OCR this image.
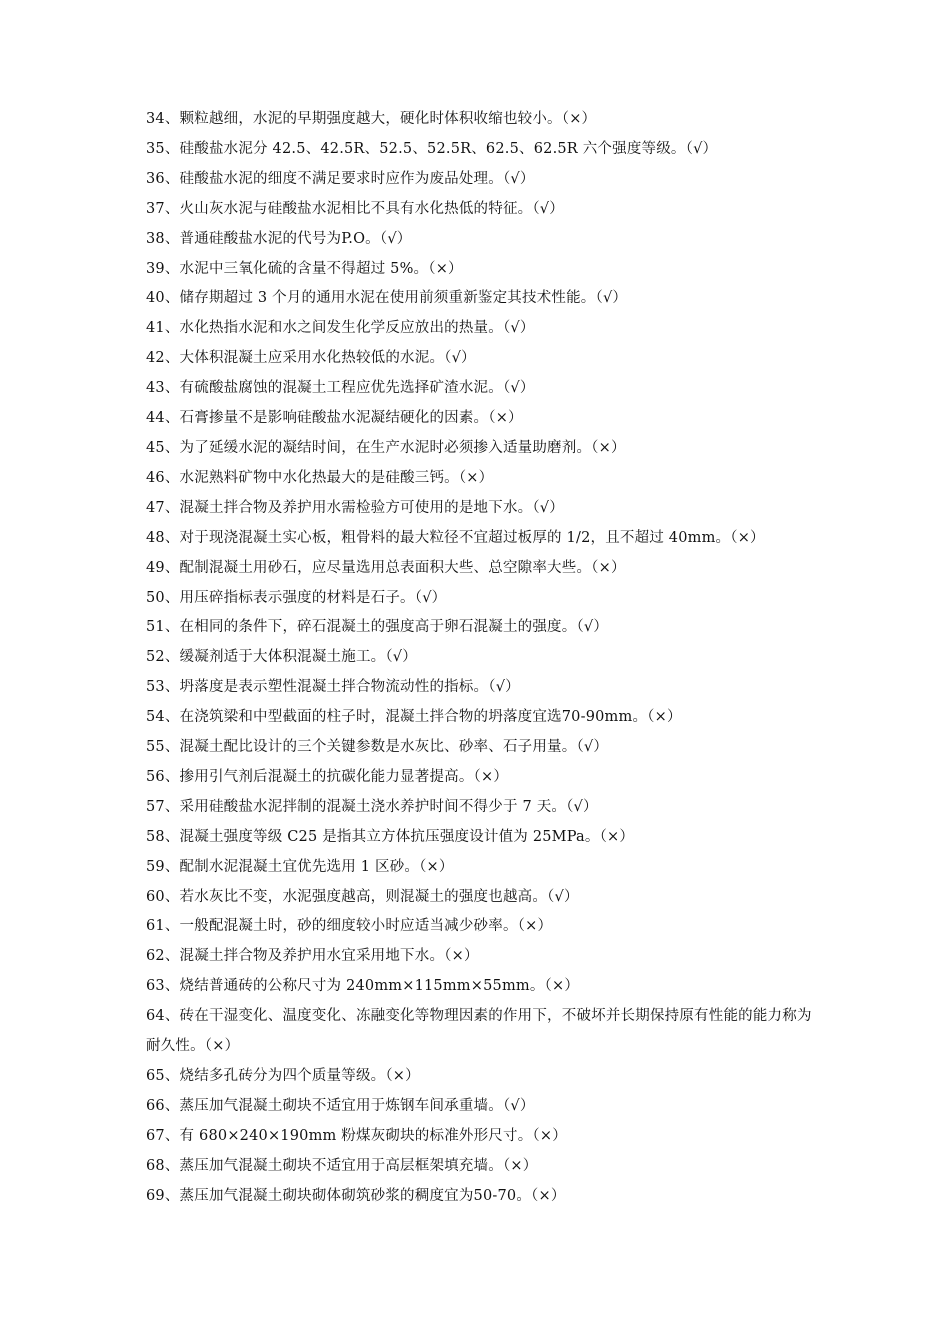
34、颗粒越细，水泥的早期强度越大，硬化时体积收缩也较小。（×）
35、硅酸盐水泥分 42.5、42.5R、52.5、52.5R、62.5、62.5R 六个强度等级。（√）
36、硅酸盐水泥的细度不满足要求时应作为废品处理。（√）
37、火山灰水泥与硅酸盐水泥相比不具有水化热低的特征。（√）
38、普通硅酸盐水泥的代号为P.O。（√）
39、水泥中三氧化硫的含量不得超过 5%。（×）
40、储存期超过 3 个月的通用水泥在使用前须重新鉴定其技术性能。（√）
41、水化热指水泥和水之间发生化学反应放出的热量。（√）
42、大体积混凝土应采用水化热较低的水泥。（√）
43、有硫酸盐腐蚀的混凝土工程应优先选择矿渣水泥。（√）
44、石膏掺量不是影响硅酸盐水泥凝结硬化的因素。（×）
45、为了延缓水泥的凝结时间，在生产水泥时必须掺入适量助磨剂。（×）
46、水泥熟料矿物中水化热最大的是硅酸三钙。（×）
47、混凝土拌合物及养护用水需检验方可使用的是地下水。（√）
48、对于现浇混凝土实心板，粗骨料的最大粒径不宜超过板厚的 1/2，且不超过 40mm。（×）
49、配制混凝土用砂石，应尽量选用总表面积大些、总空隙率大些。（×）
50、用压碎指标表示强度的材料是石子。（√）
51、在相同的条件下，碎石混凝土的强度高于卵石混凝土的强度。（√）
52、缓凝剂适于大体积混凝土施工。（√）
53、坍落度是表示塑性混凝土拌合物流动性的指标。（√）
54、在浇筑梁和中型截面的柱子时，混凝土拌合物的坍落度宜选70-90mm。（×）
55、混凝土配比设计的三个关键参数是水灰比、砂率、石子用量。（√）
56、掺用引气剂后混凝土的抗碳化能力显著提高。（×）
57、采用硅酸盐水泥拌制的混凝土浇水养护时间不得少于 7 天。（√）
58、混凝土强度等级 C25 是指其立方体抗压强度设计值为 25MPa。（×）
59、配制水泥混凝土宜优先选用 1 区砂。（×）
60、若水灰比不变，水泥强度越高，则混凝土的强度也越高。（√）
61、一般配混凝土时，砂的细度较小时应适当减少砂率。（×）
62、混凝土拌合物及养护用水宜采用地下水。（×）
63、烧结普通砖的公称尺寸为 240mm×115mm×55mm。（×）
64、砖在干湿变化、温度变化、冻融变化等物理因素的作用下，不破坏并长期保持原有性能的能力称为耐久性。（×）
65、烧结多孔砖分为四个质量等级。（×）
66、蒸压加气混凝土砌块不适宜用于炼钢车间承重墙。（√）
67、有 680×240×190mm 粉煤灰砌块的标准外形尺寸。（×）
68、蒸压加气混凝土砌块不适宜用于高层框架填充墙。（×）
69、蒸压加气混凝土砌块砌体砌筑砂浆的稠度宜为50-70。（×）
